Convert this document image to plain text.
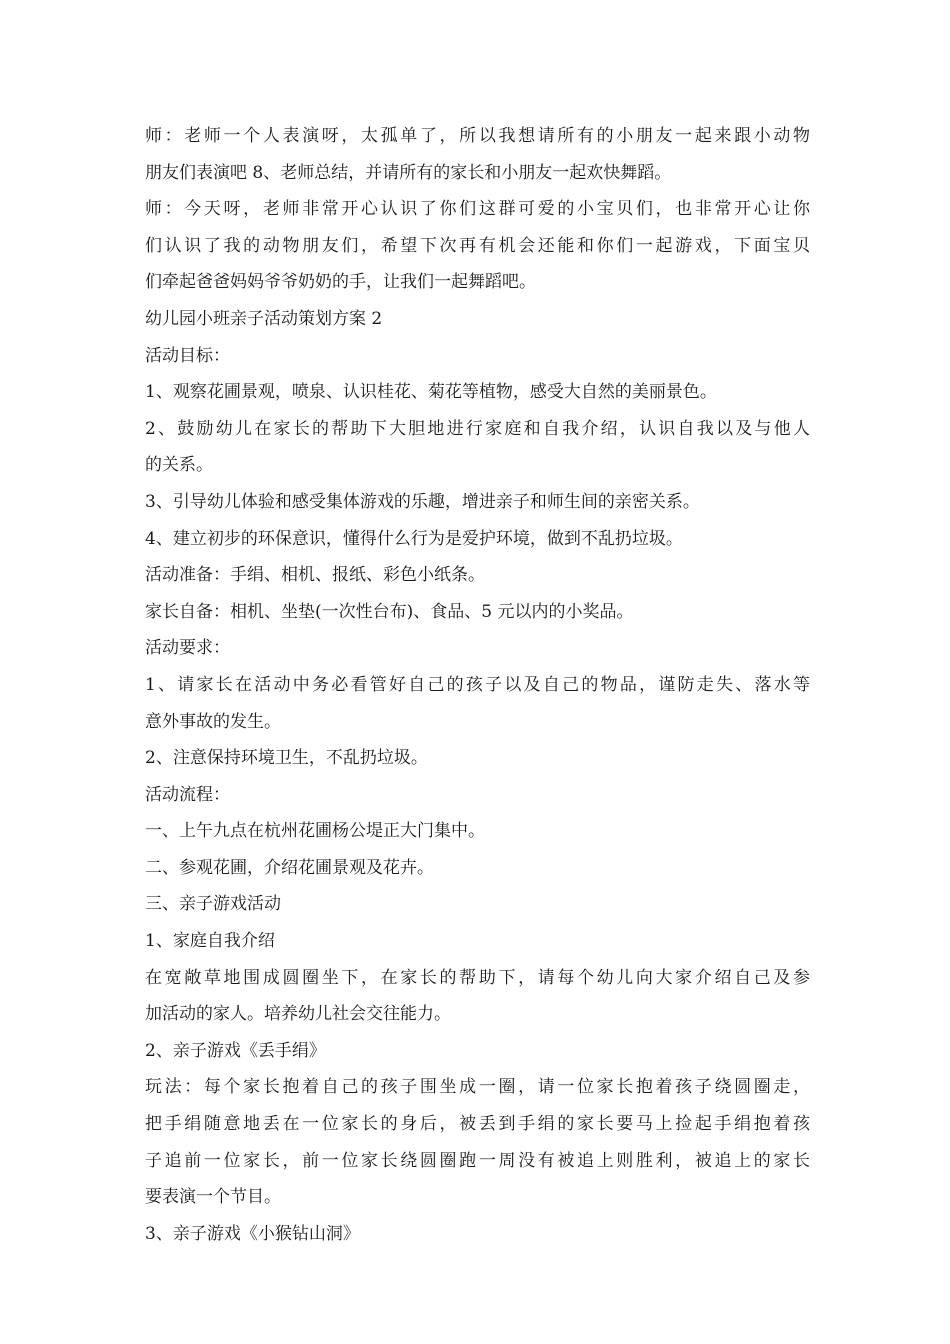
师：老师一个人表演呀，太孤单了，所以我想请所有的小朋友一起来跟小动物

朋友们表演吧 8、老师总结，并请所有的家长和小朋友一起欢快舞蹈。

师：今天呀，老师非常开心认识了你们这群可爱的小宝贝们，也非常开心让你

们认识了我的动物朋友们，希望下次再有机会还能和你们一起游戏，下面宝贝

们牵起爸爸妈妈爷爷奶奶的手，让我们一起舞蹈吧。

幼儿园小班亲子活动策划方案 2

活动目标：

1、观察花圃景观，喷泉、认识桂花、菊花等植物，感受大自然的美丽景色。

2、鼓励幼儿在家长的帮助下大胆地进行家庭和自我介绍，认识自我以及与他人

的关系。

3、引导幼儿体验和感受集体游戏的乐趣，增进亲子和师生间的亲密关系。

4、建立初步的环保意识，懂得什么行为是爱护环境，做到不乱扔垃圾。

活动准备：手绢、相机、报纸、彩色小纸条。

家长自备：相机、坐垫(一次性台布)、食品、5 元以内的小奖品。

活动要求：

1、请家长在活动中务必看管好自己的孩子以及自己的物品，谨防走失、落水等

意外事故的发生。

2、注意保持环境卫生，不乱扔垃圾。

活动流程：

一、上午九点在杭州花圃杨公堤正大门集中。

二、参观花圃，介绍花圃景观及花卉。

三、亲子游戏活动

1、家庭自我介绍

在宽敞草地围成圆圈坐下，在家长的帮助下，请每个幼儿向大家介绍自己及参

加活动的家人。培养幼儿社会交往能力。

2、亲子游戏《丢手绢》

玩法：每个家长抱着自己的孩子围坐成一圈，请一位家长抱着孩子绕圆圈走，

把手绢随意地丢在一位家长的身后，被丢到手绢的家长要马上捡起手绢抱着孩

子追前一位家长，前一位家长绕圆圈跑一周没有被追上则胜利，被追上的家长

要表演一个节目。

3、亲子游戏《小猴钻山洞》
